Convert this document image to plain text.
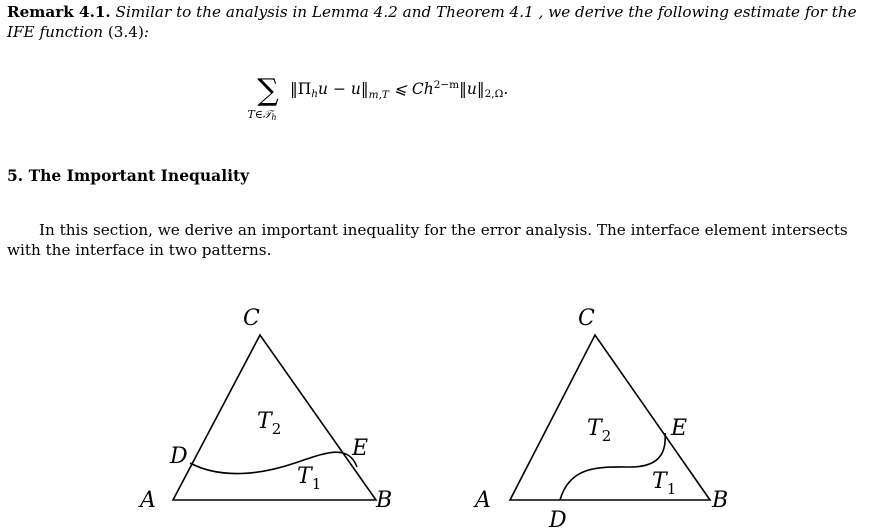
Remark 4.1. Similar to the analysis in Lemma 4.2 and Theorem 4.1 , we derive the following estimate for the IFE function (3.4):

∑
T∈𝒯h
‖Πhu − $u‖_{m,T}$ ⩽ $Ch^{2-m}‖u‖2,\Omega$.
5. The Important Inequality

In this section, we derive an important inequality for the error analysis. The interface element intersects with the interface in two patterns.

C
A	B
D	E
$T_2$
$T_1$
C
A	B
D
E
$T_2$
$T_1$
